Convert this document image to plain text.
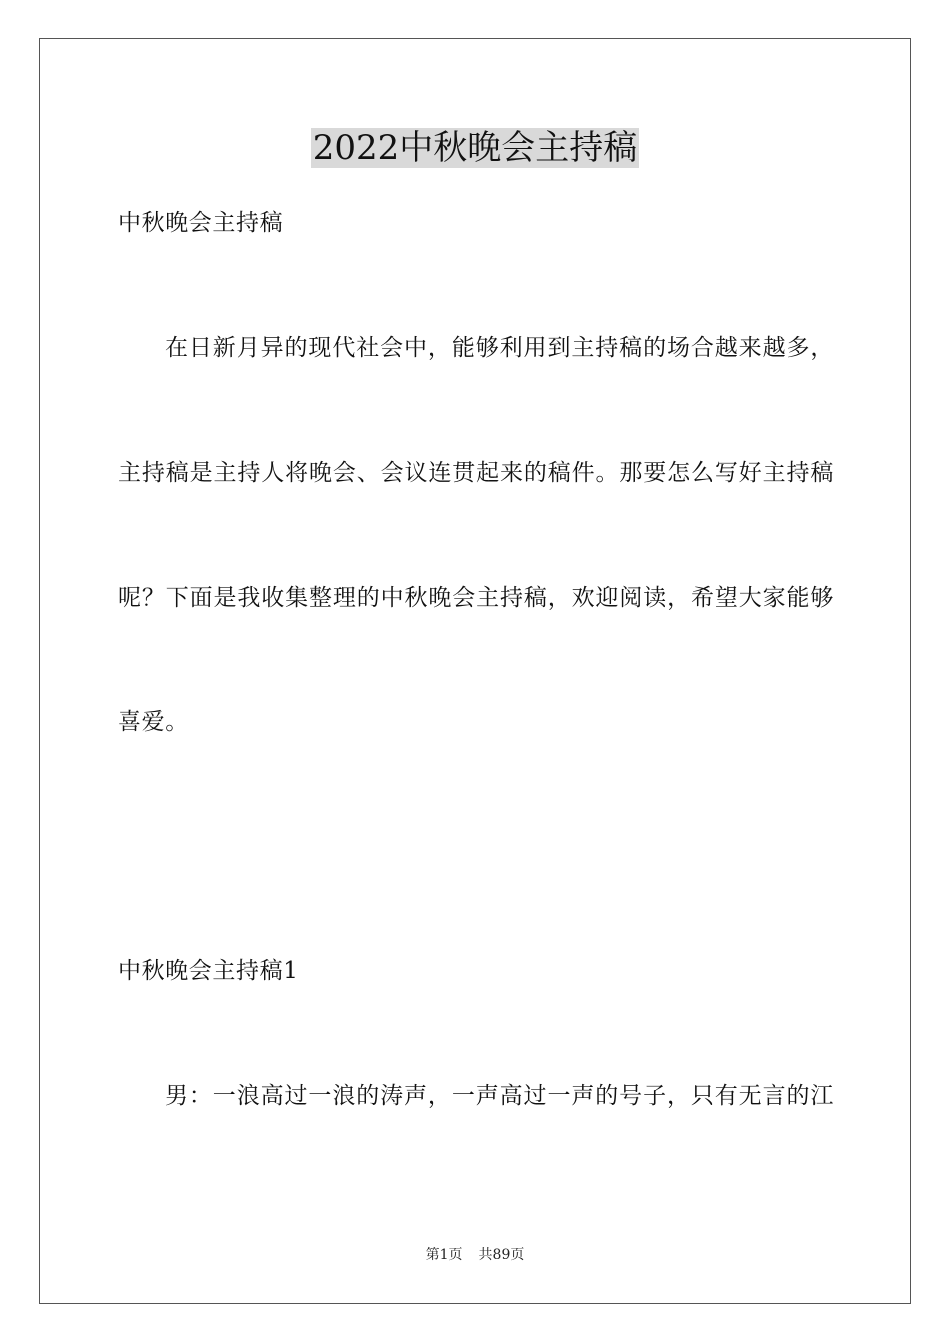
2022中秋晚会主持稿
中秋晚会主持稿
在日新月异的现代社会中，能够利用到主持稿的场合越来越多，
主持稿是主持人将晚会、会议连贯起来的稿件。那要怎么写好主持稿
呢？下面是我收集整理的中秋晚会主持稿，欢迎阅读，希望大家能够
喜爱。
中秋晚会主持稿1
男：一浪高过一浪的涛声，一声高过一声的号子，只有无言的江
第1页 共89页
